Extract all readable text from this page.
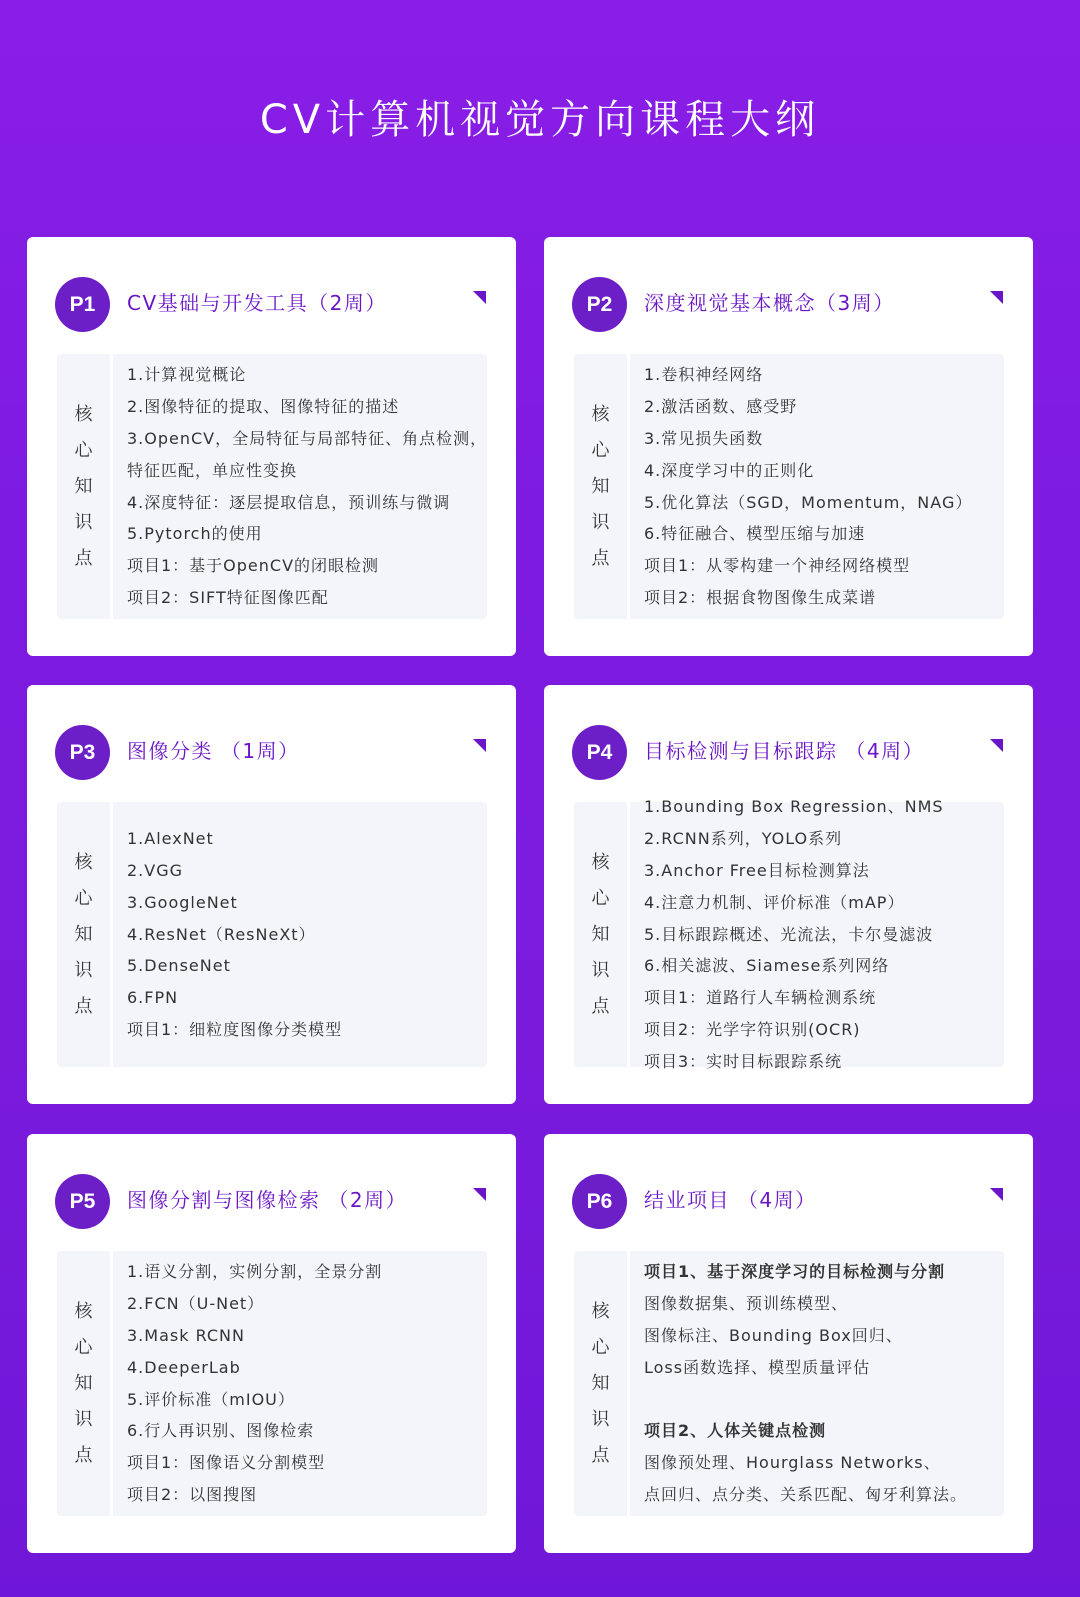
CV计算机视觉方向课程大纲
P1	CV基础与开发工具（2周）
核心知识点
1.计算视觉概论
2.图像特征的提取、图像特征的描述
3.OpenCV，全局特征与局部特征、角点检测，
特征匹配，单应性变换
4.深度特征：逐层提取信息，预训练与微调
5.Pytorch的使用
项目1：基于OpenCV的闭眼检测
项目2：SIFT特征图像匹配
P2	深度视觉基本概念（3周）
核心知识点
1.卷积神经网络
2.激活函数、感受野
3.常见损失函数
4.深度学习中的正则化
5.优化算法（SGD，Momentum，NAG）
6.特征融合、模型压缩与加速
项目1：从零构建一个神经网络模型
项目2：根据食物图像生成菜谱
P3	图像分类 （1周）
核心知识点
1.AlexNet
2.VGG
3.GoogleNet
4.ResNet（ResNeXt）
5.DenseNet
6.FPN
项目1：细粒度图像分类模型
P4	目标检测与目标跟踪 （4周）
核心知识点
1.Bounding Box Regression、NMS
2.RCNN系列，YOLO系列
3.Anchor Free目标检测算法
4.注意力机制、评价标准（mAP）
5.目标跟踪概述、光流法，卡尔曼滤波
6.相关滤波、Siamese系列网络
项目1：道路行人车辆检测系统
项目2：光学字符识别(OCR)
项目3：实时目标跟踪系统
P5	图像分割与图像检索 （2周）
核心知识点
1.语义分割，实例分割，全景分割
2.FCN（U-Net）
3.Mask RCNN
4.DeeperLab
5.评价标准（mIOU）
6.行人再识别、图像检索
项目1：图像语义分割模型
项目2：以图搜图
P6	结业项目 （4周）
核心知识点
项目1、基于深度学习的目标检测与分割
图像数据集、预训练模型、
图像标注、Bounding Box回归、
Loss函数选择、模型质量评估
项目2、人体关键点检测
图像预处理、Hourglass Networks、
点回归、点分类、关系匹配、匈牙利算法。
